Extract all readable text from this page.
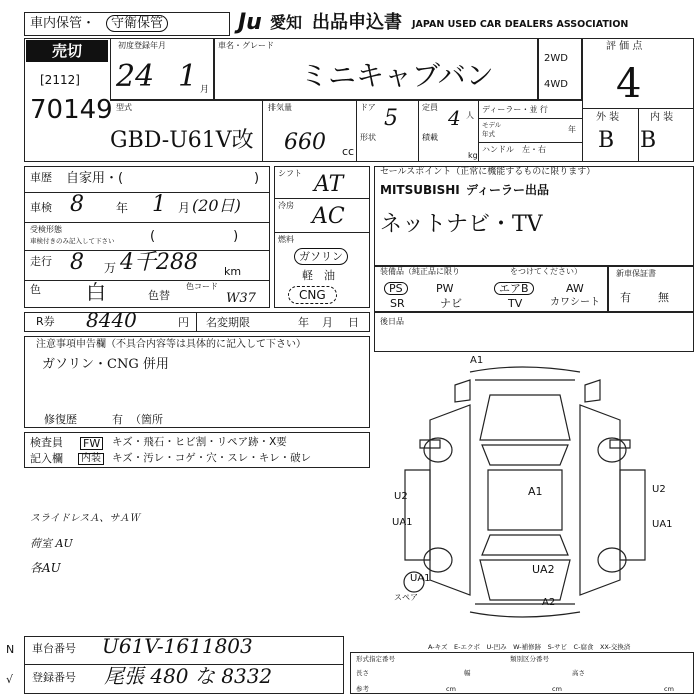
車内保管・	守衛保管	Ju 愛知 出品申込書 JAPAN USED CAR DEALERS ASSOCIATION
売切
[2112]
70149
初度登録年月
24 1 月
車名・グレード
ミニキャブバン
2WD
4WD
評 価 点
4
外 装	内 装
B B
型式
GBD-U61V改
排気量
660 cc
ドア 5
形状
定員 4 人
積載
kg
ディーラー・並 行
モデル
年式	年
ハンドル　左・右
車歴 自家用・(	)
車検 8	年 1 月 (20日)
受検形態
車検付きのみ記入して下さい	(　　　　　　)
走行 8 万 4千288 km
色 白	色替
色コード
W37
シフト AT
冷房 AC
燃料
ガソリン
軽　油
CNG
セールスポイント（正常に機能するものに限ります）
MITSUBISHI ディーラー出品
ネットナビ・TV
装備品（純正品に限り	をつけてください）
PS	PW	エアB	AW
SR	ナビ	TV	カワシート
新車保証書
有 無
R券 8440	円 名変期限	年 月 日	後日品
注意事項申告欄（不具合内容等は具体的に記入して下さい）
ガソリン・CNG 併用
修復歴	有 （箇所
検査員
記入欄
FW キズ・飛石・ヒビ割・リペア跡・X要
内装 キズ・汚レ・コゲ・穴・スレ・キレ・破レ
スライドレスＡ、サＡＷ
荷室 AU
各AU
A1
A1
U2
U2
UA1	UA1
UA2
UA1
A2
スペア
A-キズ　E-エクボ　U-凹み　W-補修跡　S-サビ　C-腐食　XX-交換済
車台番号 U61V-1611803
登録番号 尾張 480 な 8332
形式指定番号	類別区分番号
長さ	幅	高さ
cm	cm	cm
参考
N
√
